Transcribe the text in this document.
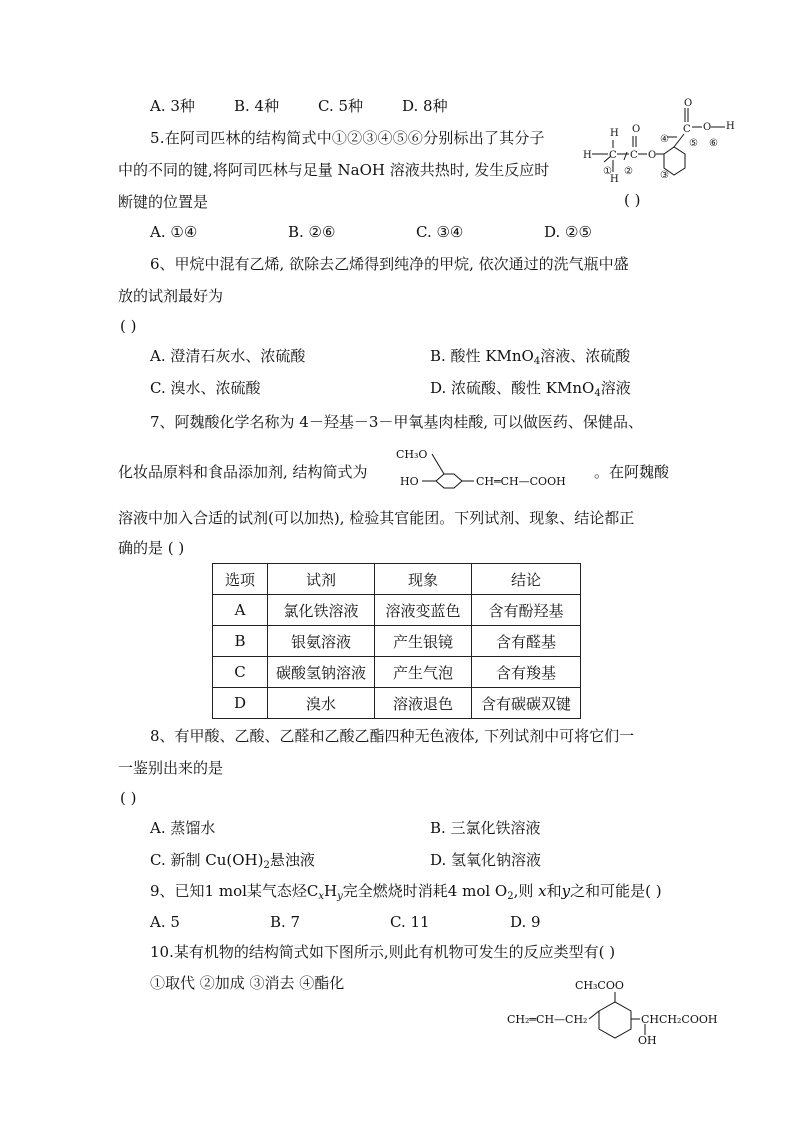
A. 3种	B. 4种	C. 5种	D. 8种
5.在阿司匹林的结构简式中①②③④⑤⑥分别标出了其分子
中的不同的键,将阿司匹林与足量 NaOH 溶液共热时, 发生反应时
断键的位置是	( )
H
H
C
H
C
O
O
C
O
O H
① ②	③
④ ⑤ ⑥
A. ①④	B. ②⑥	C. ③④	D. ②⑤
6、甲烷中混有乙烯, 欲除去乙烯得到纯净的甲烷, 依次通过的洗气瓶中盛
放的试剂最好为
( )
A. 澄清石灰水、浓硫酸	B. 酸性 KMnO$_4$溶液、浓硫酸
C. 溴水、浓硫酸	D. 浓硫酸、酸性 KMnO$_4$溶液
7、阿魏酸化学名称为 4－羟基－3－甲氧基肉桂酸, 可以做医药、保健品、
化妆品原料和食品添加剂, 结构简式为
CH₃O
HO	CH═CH—COOH
。在阿魏酸
溶液中加入合适的试剂(可以加热), 检验其官能团。下列试剂、现象、结论都正
确的是 ( )
选项	试剂	现象	结论
A	氯化铁溶液	溶液变蓝色	含有酚羟基
B	银氨溶液	产生银镜	含有醛基
C	碳酸氢钠溶液	产生气泡	含有羧基
D	溴水	溶液退色	含有碳碳双键
8、有甲酸、乙酸、乙醛和乙酸乙酯四种无色液体, 下列试剂中可将它们一
一鉴别出来的是
( )
A. 蒸馏水	B. 三氯化铁溶液
C. 新制 $Cu(OH)_2$悬浊液	D. 氢氧化钠溶液
9、已知1 mol某气态烃$C_xH_y$完全燃烧时消耗4 mol $O_2$,则 x和y之和可能是( )
A. 5	B. 7	C. 11	D. 9
10.某有机物的结构简式如下图所示,则此有机物可发生的反应类型有( )
①取代 ②加成 ③消去 ④酯化	CH₃COO
CH₂═CH—CH₂	CHCH₂COOH
OH
